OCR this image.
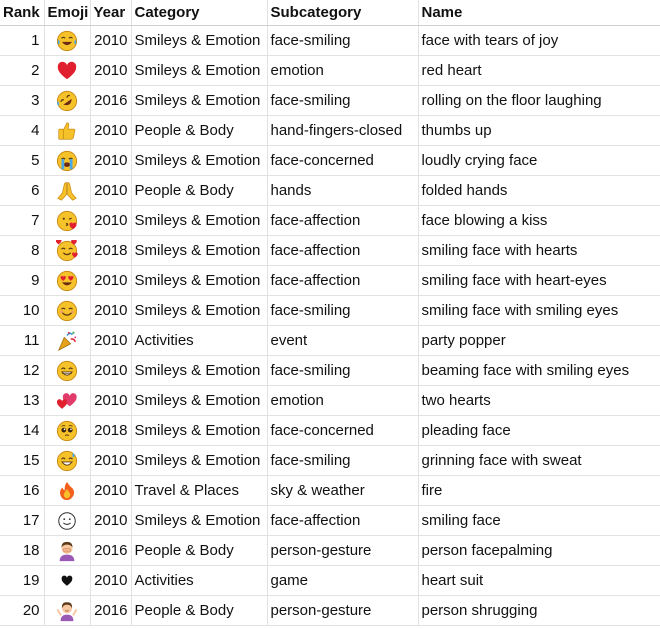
Rank	Emoji	Year	Category	Subcategory	Name
1		2010	Smileys & Emotion	face-smiling	face with tears of joy
2		2010	Smileys & Emotion	emotion	red heart
3		2016	Smileys & Emotion	face-smiling	rolling on the floor laughing
4		2010	People & Body	hand-fingers-closed	thumbs up
5		2010	Smileys & Emotion	face-concerned	loudly crying face
6		2010	People & Body	hands	folded hands
7		2010	Smileys & Emotion	face-affection	face blowing a kiss
8		2018	Smileys & Emotion	face-affection	smiling face with hearts
9		2010	Smileys & Emotion	face-affection	smiling face with heart-eyes
10		2010	Smileys & Emotion	face-smiling	smiling face with smiling eyes
11		2010	Activities	event	party popper
12		2010	Smileys & Emotion	face-smiling	beaming face with smiling eyes
13		2010	Smileys & Emotion	emotion	two hearts
14		2018	Smileys & Emotion	face-concerned	pleading face
15		2010	Smileys & Emotion	face-smiling	grinning face with sweat
16		2010	Travel & Places	sky & weather	fire
17		2010	Smileys & Emotion	face-affection	smiling face
18		2016	People & Body	person-gesture	person facepalming
19		2010	Activities	game	heart suit
20		2016	People & Body	person-gesture	person shrugging
